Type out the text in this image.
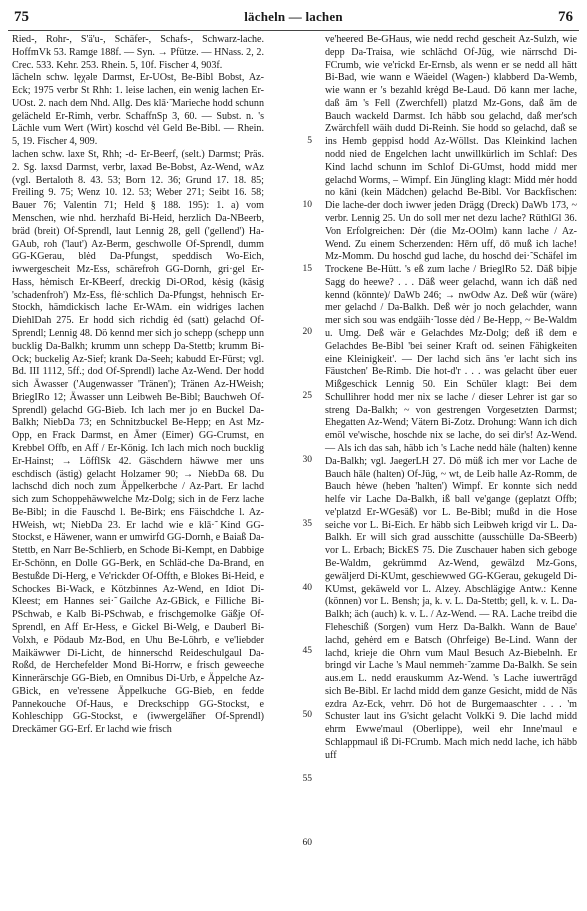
75	lächeln — lachen	76

Ried-, Rohr-, S'ä'u-, Schäfer-, Schafs-, Schwarz-lache. HoffmVk 53. Ramge 188f. — Syn. → Pfütze. — HNass. 2, 2. Crec. 533. Kehr. 253. Rhein. 5, 10f. Fischer 4, 903f.

lächeln schw. lęχəlɐ Darmst, Er-UOst, Be-Bibl Bobst, Az-Eck; 1975 verbr St Rhh: 1. leise lachen, ein wenig lachen Er-UOst. 2. nach dem Nhd. Allg. Des klā·̃ Marieche hodd schunn gelächeld Er-Rimh, verbr. SchaffnSp 3, 60. — Subst. n. 's Lächle vum Wert (Wirt) koschd vėl Geld Be-Bibl. — Rhein. 5, 19. Fischer 4, 909.

lachen schw. laxɐ St, Rhh; -d- Er-Beerf, (selt.) Darmst; Präs. 2. Sg. laxsd Darmst, verbr, laxǝd Be-Bobst, Az-Wend, wAz (vgl. Bertaloth 8. 43. 53; Born 12. 36; Grund 17. 18. 85; Freiling 9. 75; Wenz 10. 12. 53; Weber 271; Seibt 16. 58; Bauer 76; Valentin 71; Held § 188. 195): 1. a) vom Menschen, wie nhd. herzhafd Bi-Heid, herzlich Da-NBeerb, bräd (breit) Of-Sprendl, laut Lennig 28, gell ('gellend') Ha-GAub, roh ('laut') Az-Berm, geschwolle Of-Sprendl, dumm GG-KGerau, blėd Da-Pfungst, speddisch Wo-Eich, iwwergescheit Mz-Ess, schärefroh GG-Dornh, gri·gel Er-Hass, hėmisch Er-KBeerf, dreckig Di-ORod, kėsig (käsig 'schadenfroh') Mz-Ess, flė·schlich Da-Pfungst, hehnisch Er-Stockh, hämdickisch lache Er-WAm. ein widriges lachen DiehlDah 275. Er hodd sich richdig ėd (satt) gelachd Of-Sprendl; Lennig 48. Dö kennd mer sich jo schepp (schepp unn bucklig Da-Balkh; krumm unn schepp Da-Stettb; krumm Bi-Ock; buckelig Az-Sief; krank Da-Seeh; kabudd Er-Fürst; vgl. Bd. III 1112, 5ff.; dod Of-Sprendl) lache Az-Wend. Der hodd sich Äwasser ('Augenwasser 'Tränen'); Tränen Az-HWeish; BriegIRo 12; Äwasser unn Leibweh Be-Bibl; Bauchweh Of-Sprendl) gelachd GG-Bieb. Ich lach mer jo en Buckel Da-Balkh; NiebDa 73; en Schnitzbuckel Be-Hepp; en Ast Mz-Opp, en Frack Darmst, en Ämer (Eimer) GG-Crumst, en Krebbel Offb, en Aff / Er-König. Ich lach mich noch bucklig Er-Hainst; → LöfflSk 42. Gäschdern häwwe mer uns eschdisch (ästig) gelacht Holzamer 90; → NiebDa 68. Du lachschd dich noch zum Äppelkerbche / Az-Part. Er lachd sich zum Schoppehäwwelche Mz-Dolg; sich in de Ferz lache Be-Bibl; in die Fauschd l. Be-Birk; ens Fäischdche l. Az-HWeish, wt; NiebDa 23. Er lachd wie e klā·̃ Kind GG-Stockst, e Häwener, wann er umwirfd GG-Dornh, e Baiaß Da-Stettb, en Narr Be-Schlierb, en Schode Bi-Kempt, en Dabbige Er-Schönn, en Dolle GG-Berk, en Schläd-che Da-Brand, en Bestußde Di-Herg, e Ve'rickder Of-Offth, e Blokes Bi-Heid, e Schockes Bi-Wack, e Kötzbinnes Az-Wend, en Idiot Di-Kleest; em Hannes sei·̃ Gailche Az-GBick, e Filliche Bi-PSchwab, e Kalb Bi-PSchwab, e frischgemolke Gäßje Of-Sprendl, en Aff Er-Hess, e Gickel Bi-Welg, e Dauberl Bi-Volxh, e Pödaub Mz-Bod, en Uhu Be-Löhrb, e ve'liebder Maikäwwer Di-Licht, de hinnerschd Reideschulgaul Da-Roßd, de Herchefelder Mond Bi-Horrw, e frisch geweeche Kinnerärschje GG-Bieb, en Omnibus Di-Urb, e Äppelche Az-GBick, en ve'ressene Äppelkuche GG-Bieb, en fedde Pannekouche Of-Haus, e Dreckschipp GG-Stockst, e Kohleschipp GG-Stockst, e (iwwergelä̈̃ner Of-Sprendl) Dreckämer GG-Erf. Er lachd wie frisch

5
10
15
20
25
30
35
40
45
50
55
60

ve'heered Be-GHaus, wie nedd rechd gescheit Az-Sulzh, wie depp Da-Traisa, wie schlächd Of-Jüg, wie närrschd Di-FCrumb, wie ve'rickd Er-Ernsb, als wenn er se nedd all hätt Bi-Bad, wie wann e Wäeidel (Wagen-) klabberd Da-Wemb, wie wann er 's bezahld krėgd Be-Laud. Dö kann mer lache, daß ām 's Fell (Zwerchfell) platzd Mz-Gons, daß ām de Bauch wackeld Darmst. Ich häbb sou gelachd, daß mer'sch Zwärchfell wäih dudd Di-Reinh. Sie hodd so gelachd, daß se ins Hemb geppisd hodd Az-Wöllst. Das Kleinkind lachen nodd nied de Engelchen lacht unwillkürlich im Schlaf: Des Kind lachd schunn im Schlof Di-GUmst, hodd midd mer gelachd Worms, – Wimpf. Ein Jüngling klagt: Midd mėr hodd no kāni (kein Mädchen) gelachd Be-Bibl. Vor Backfischen: Die lache-der doch iwwer jeden Drägg (Dreck) DaWb 173, ~ verbr. Lennig 25. Un do soll mer net dezu lache? RüthlGl 36. Von Erfolgreichen: Dėr (die Mz-OOlm) kann lache / Az-Wend. Zu einem Scherzenden: Hērn uff, dō muß ich lache! Mz-Momm. Du hoschd gud lache, du hoschd dei·̃ Schäfel im Trockene Be-Hütt. 's eß zum lache / BrieglRo 52. Däß biþje Sagg do heewe? . . . Däß weer gelachd, wann ich däß ned kennd (könnte)/ DaWb 246; → nwOdw Az. Deß wür (wäre) mer gelachd / Da-Balkh. Deß wėr jo noch gelachder, wann mer sich sou was endgäih·̃ losse dėd / Be-Hepp, ~ Be-Waldm u. Umg. Deß wär e Gelachdes Mz-Dolg; deß iß dem e Gelachdes Be-Bibl 'bei seiner Kraft od. seinen Fähigkeiten eine Kleinigkeit'. — Der lachd sich äns 'er lacht sich ins Fäustchen' Be-Rimb. Die hot-d'r . . . was gelacht über euer Mißgeschick Lennig 50. Ein Schüler klagt: Bei dem Schullihrer hodd mer nix se lache / dieser Lehrer ist gar so streng Da-Balkh; ~ von gestrengen Vorgesetzten Darmst; Ehegatten Az-Wend; Vätern Bi-Zotz. Drohung: Wann ich dich emöl ve'wische, hoschde nix se lache, do sei dir's! Az-Wend. — Als ich das sah, häbb ich 's Lache nedd häle (halten) kenne Da-Balkh; vgl. JaegerLH 27. Dö müß ich mer vor Lache de Bauch hāle (halten) Of-Jüg, ~ wt, de Leib halle Az-Romm, de Bauch hėwe (heben 'halten') Wimpf. Er konnte sich nedd helfe vir Lache Da-Balkh, iß ball ve'gange (geplatzt Offb; ve'platzd Er-WGesäß) vor L. Be-Bibl; mußd in die Hose seiche vor L. Bi-Eich. Er häbb sich Leibweh krigd vir L. Da-Balkh. Er will sich grad ausschitte (ausschülle Da-SBeerb) vor L. Erbach; BickES 75. Die Zuschauer haben sich geboge Be-Waldm, gekrümmd Az-Wend, gewälzd Mz-Gons, gewäljerd Di-KUmt, geschiewwed GG-KGerau, gekugeld Di-KUmst, gekäweld vor L. Alzey. Abschlägige Antw.: Kenne (können) vor L. Bensh; ja, k. v. L. Da-Stettb; gell, k. v. L. Da-Balkh; äch (auch) k. v. L. / Az-Wend. — RA. Lache treibd die Fleheschiß (Sorgen) vum Herz Da-Balkh. Wann de Baue' lachd, gehėrd em e Batsch (Ohrfeige) Be-Lind. Wann der lachd, krieje die Ohrn vum Maul Besuch Az-Biebelnh. Er bringd vir Lache 's Maul nemmeh·̃ zamme Da-Balkh. Se sein aus.em L. nedd erauskumm Az-Wend. 's Lache iuwertrāgd sich Be-Bibl. Er lachd midd dem ganze Gesicht, midd de Nās ezdra Az-Eck, vehrr. Dö hot de Burgemaaschter . . . 'm Schuster laut ins G'sicht gelacht VolkKi 9. Die lachd midd ehrm Ewwe'maul (Oberlippe), weil ehr Inne'maul e Schlappmaul iß Di-FCrumb. Mach mich nedd lache, ich häbb uff
